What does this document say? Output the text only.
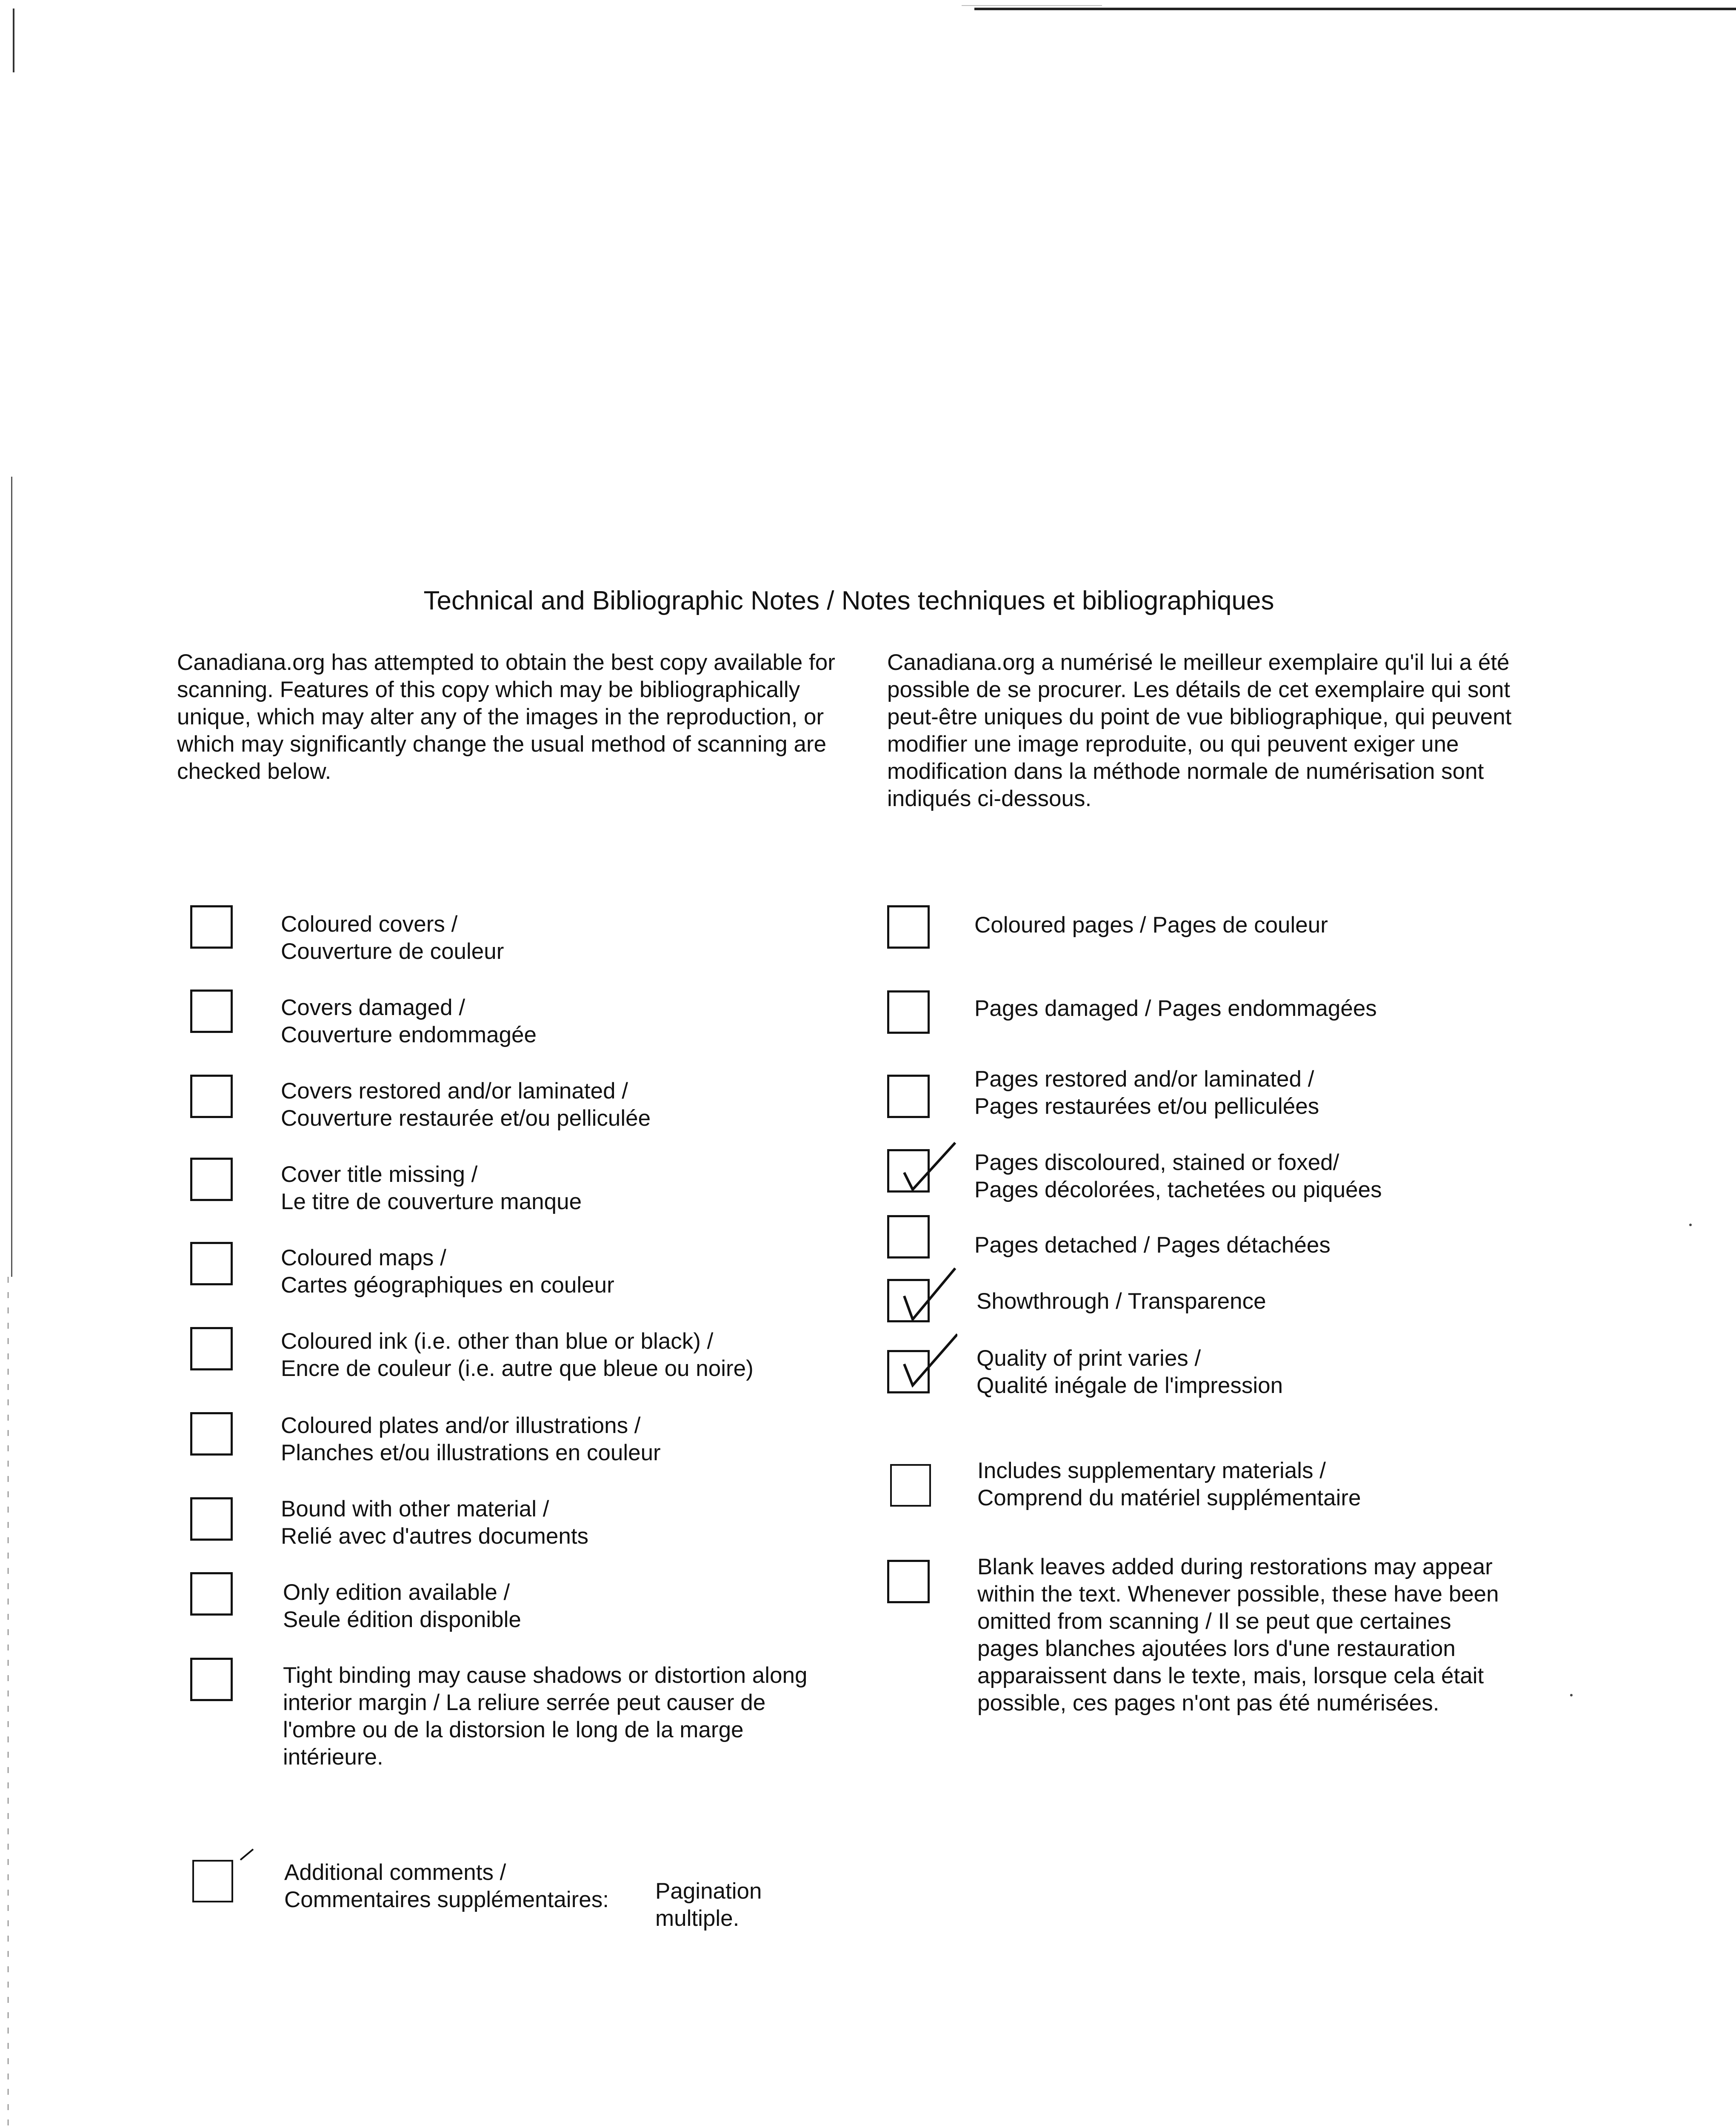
Technical and Bibliographic Notes / Notes techniques et bibliographiques
Canadiana.org has attempted to obtain the best copy available for scanning. Features of this copy which may be bibliographically unique, which may alter any of the images in the reproduction, or which may significantly change the usual method of scanning are checked below.
Canadiana.org a numérisé le meilleur exemplaire qu'il lui a été possible de se procurer. Les détails de cet exemplaire qui sont peut-être uniques du point de vue bibliographique, qui peuvent modifier une image reproduite, ou qui peuvent exiger une modification dans la méthode normale de numérisation sont indiqués ci-dessous.
Coloured covers /
Couverture de couleur
Covers damaged /
Couverture endommagée
Covers restored and/or laminated /
Couverture restaurée et/ou pelliculée
Cover title missing /
Le titre de couverture manque
Coloured maps /
Cartes géographiques en couleur
Coloured ink (i.e. other than blue or black) /
Encre de couleur (i.e. autre que bleue ou noire)
Coloured plates and/or illustrations /
Planches et/ou illustrations en couleur
Bound with other material /
Relié avec d'autres documents
Only edition available /
Seule édition disponible
Tight binding may cause shadows or distortion along interior margin / La reliure serrée peut causer de l'ombre ou de la distorsion le long de la marge intérieure.
Coloured pages / Pages de couleur
Pages damaged / Pages endommagées
Pages restored and/or laminated /
Pages restaurées et/ou pelliculées
Pages discoloured, stained or foxed/
Pages décolorées, tachetées ou piquées
Pages detached / Pages détachées
Showthrough / Transparence
Quality of print varies /
Qualité inégale de l'impression
Includes supplementary materials /
Comprend du matériel supplémentaire
Blank leaves added during restorations may appear within the text. Whenever possible, these have been omitted from scanning / Il se peut que certaines pages blanches ajoutées lors d'une restauration apparaissent dans le texte, mais, lorsque cela était possible, ces pages n'ont pas été numérisées.
Additional comments /
Commentaires supplémentaires: Pagination multiple.
